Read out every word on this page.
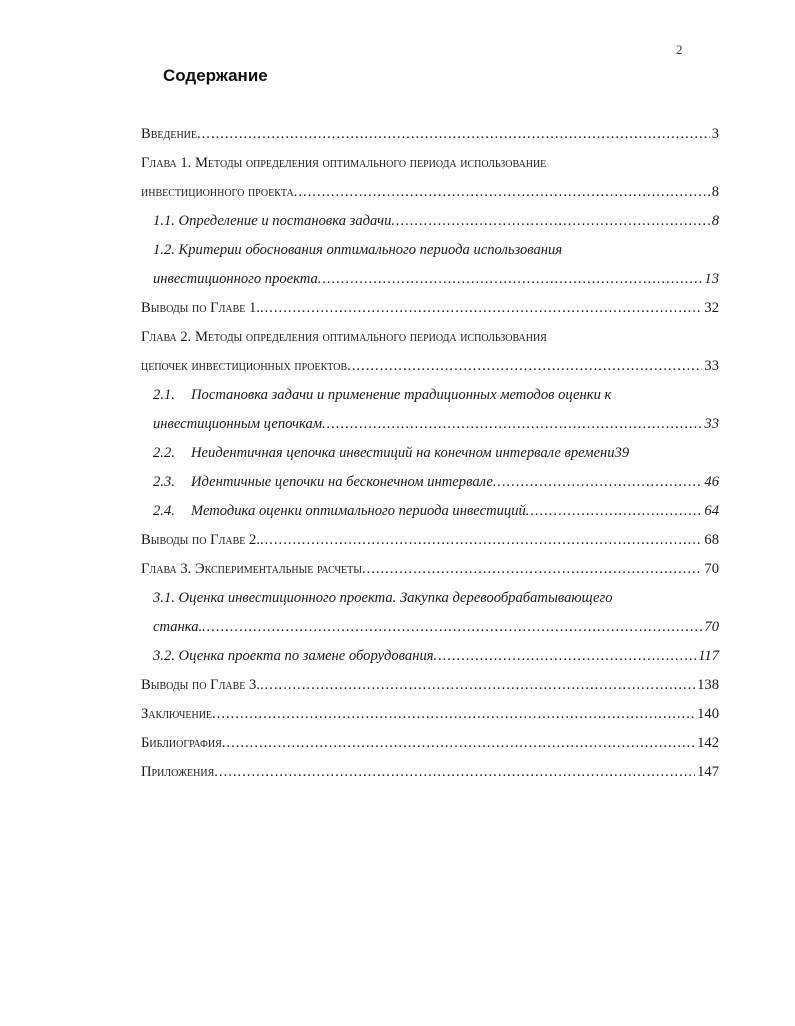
2
Содержание
Введение .....	3
Глава 1. Методы определения оптимального периода использование
инвестиционного проекта .....	8
1.1. Определение и постановка задачи .....	8
1.2. Критерии обоснования оптимального периода использования
инвестиционного проекта .....	13
Выводы по Главе 1. .....	32
Глава 2. Методы определения оптимального периода использования
цепочек инвестиционных проектов .....	33
2.1. Постановка задачи и применение традиционных методов оценки к
инвестиционным цепочкам .....	33
2.2. Неидентичная цепочка инвестиций на конечном интервале времени39
2.3. Идентичные цепочки на бесконечном интервале .....	46
2.4. Методика оценки оптимального периода инвестиций .....	64
Выводы по Главе 2. .....	68
Глава 3. Экспериментальные расчеты .....	70
3.1. Оценка инвестиционного проекта. Закупка деревообрабатывающего
станка. .....	70
3.2. Оценка проекта по замене оборудования .....	117
Выводы по Главе 3. .....	138
Заключение .....	140
Библиография .....	142
Приложения .....	147
